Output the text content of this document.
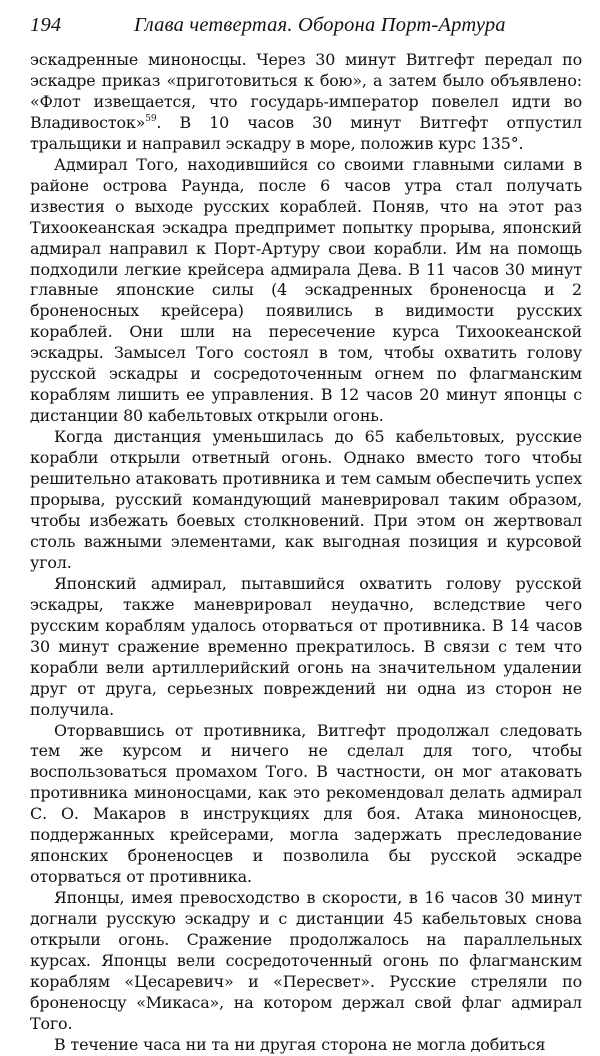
194	Глава четвертая. Оборона Порт-Артура

эскадренные миноносцы. Через 30 минут Витгефт передал по эскадре приказ «приготовиться к бою», а затем было объявлено: «Флот извещается, что государь-император повелел идти во Владивосток»$^{59}$. В 10 часов 30 минут Витгефт отпустил тральщики и направил эскадру в море, положив курс 135°.

Адмирал Того, находившийся со своими главными силами в районе острова Раунда, после 6 часов утра стал получать известия о выходе русских кораблей. Поняв, что на этот раз Тихоокеанская эскадра предпримет попытку прорыва, японский адмирал направил к Порт-Артуру свои корабли. Им на помощь подходили легкие крейсера адмирала Дева. В 11 часов 30 минут главные японские силы (4 эскадренных броненосца и 2 броненосных крейсера) появились в видимости русских кораблей. Они шли на пересечение курса Тихоокеанской эскадры. Замысел Того состоял в том, чтобы охватить голову русской эскадры и сосредоточенным огнем по флагманским кораблям лишить ее управления. В 12 часов 20 минут японцы с дистанции 80 кабельтовых открыли огонь.

Когда дистанция уменьшилась до 65 кабельтовых, русские корабли открыли ответный огонь. Однако вместо того чтобы решительно атаковать противника и тем самым обеспечить успех прорыва, русский командующий маневрировал таким образом, чтобы избежать боевых столкновений. При этом он жертвовал столь важными элементами, как выгодная позиция и курсовой угол.

Японский адмирал, пытавшийся охватить голову русской эскадры, также маневрировал неудачно, вследствие чего русским кораблям удалось оторваться от противника. В 14 часов 30 минут сражение временно прекратилось. В связи с тем что корабли вели артиллерийский огонь на значительном удалении друг от друга, серьезных повреждений ни одна из сторон не получила.

Оторвавшись от противника, Витгефт продолжал следовать тем же курсом и ничего не сделал для того, чтобы воспользоваться промахом Того. В частности, он мог атаковать противника миноносцами, как это рекомендовал делать адмирал С. О. Макаров в инструкциях для боя. Атака миноносцев, поддержанных крейсерами, могла задержать преследование японских броненосцев и позволила бы русской эскадре оторваться от противника.

Японцы, имея превосходство в скорости, в 16 часов 30 минут догнали русскую эскадру и с дистанции 45 кабельтовых снова открыли огонь. Сражение продолжалось на параллельных курсах. Японцы вели сосредоточенный огонь по флагманским кораблям «Цесаревич» и «Пересвет». Русские стреляли по броненосцу «Микаса», на котором держал свой флаг адмирал Того.

В течение часа ни та ни другая сторона не могла добиться
